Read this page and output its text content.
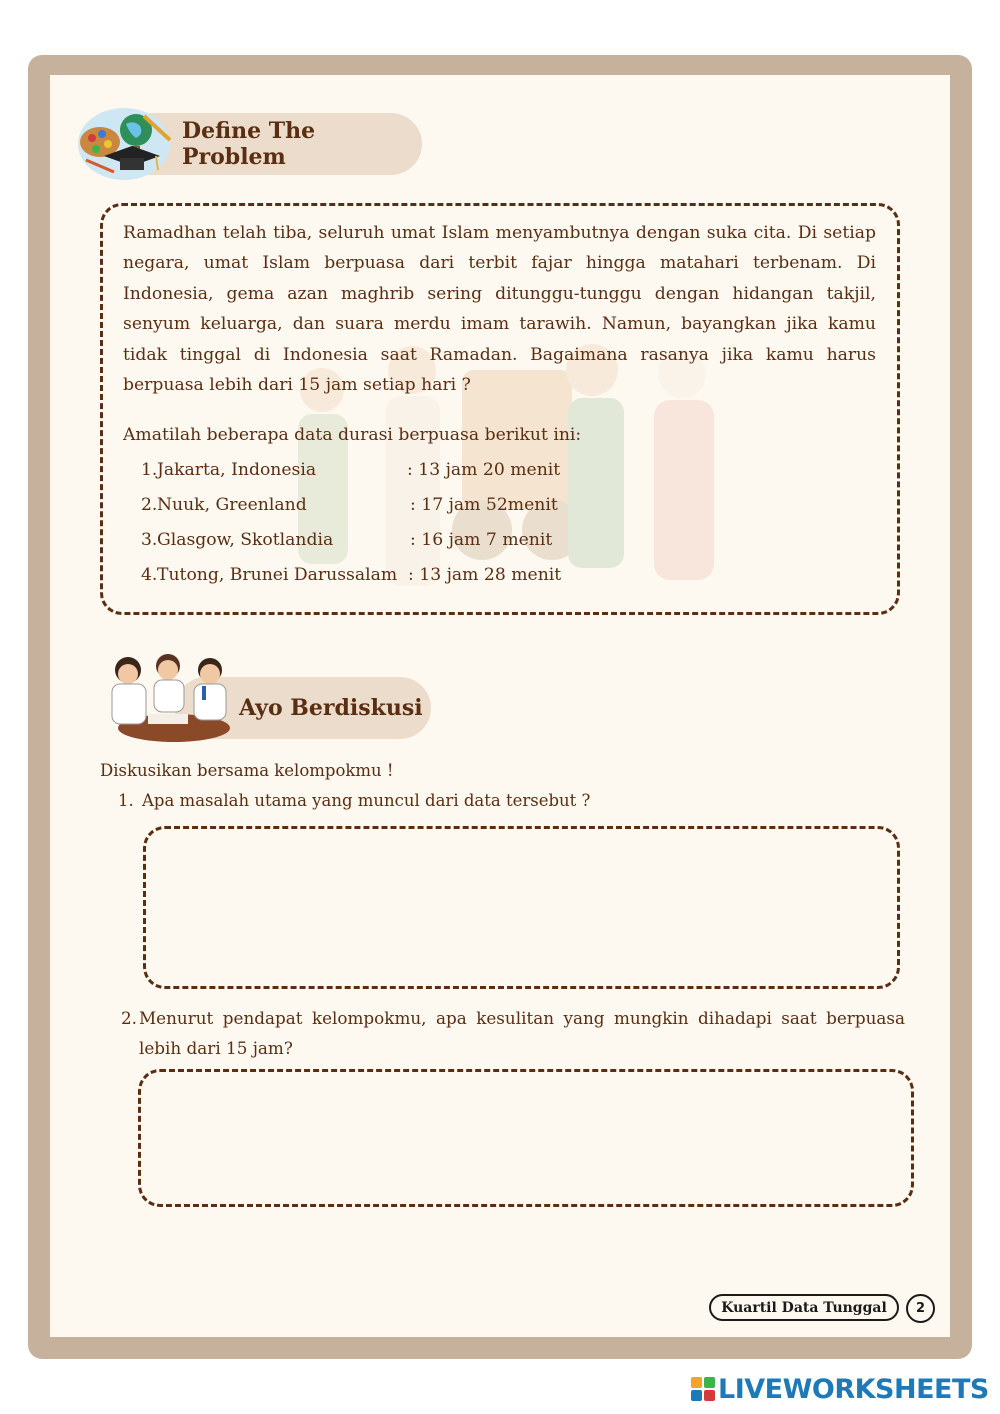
Define The Problem
Ramadhan telah tiba, seluruh umat Islam menyambutnya dengan suka cita. Di setiap negara, umat Islam berpuasa dari terbit fajar hingga matahari terbenam. Di Indonesia, gema azan maghrib sering ditunggu-tunggu dengan hidangan takjil, senyum keluarga, dan suara merdu imam tarawih. Namun, bayangkan jika kamu tidak tinggal di Indonesia saat Ramadan. Bagaimana rasanya jika kamu harus berpuasa lebih dari 15 jam setiap hari ?
Amatilah beberapa data durasi berpuasa berikut ini:
1.Jakarta, Indonesia	: 13 jam 20 menit
2.Nuuk, Greenland	: 17 jam 52menit
3.Glasgow, Skotlandia	: 16 jam 7 menit
4.Tutong, Brunei Darussalam : 13 jam 28 menit
Ayo Berdiskusi
Diskusikan bersama kelompokmu !
1. Apa masalah utama yang muncul dari data tersebut ?
2. Menurut pendapat kelompokmu, apa kesulitan yang mungkin dihadapi saat berpuasa lebih dari 15 jam?
Kuartil Data Tunggal	2
LIVEWORKSHEETS
